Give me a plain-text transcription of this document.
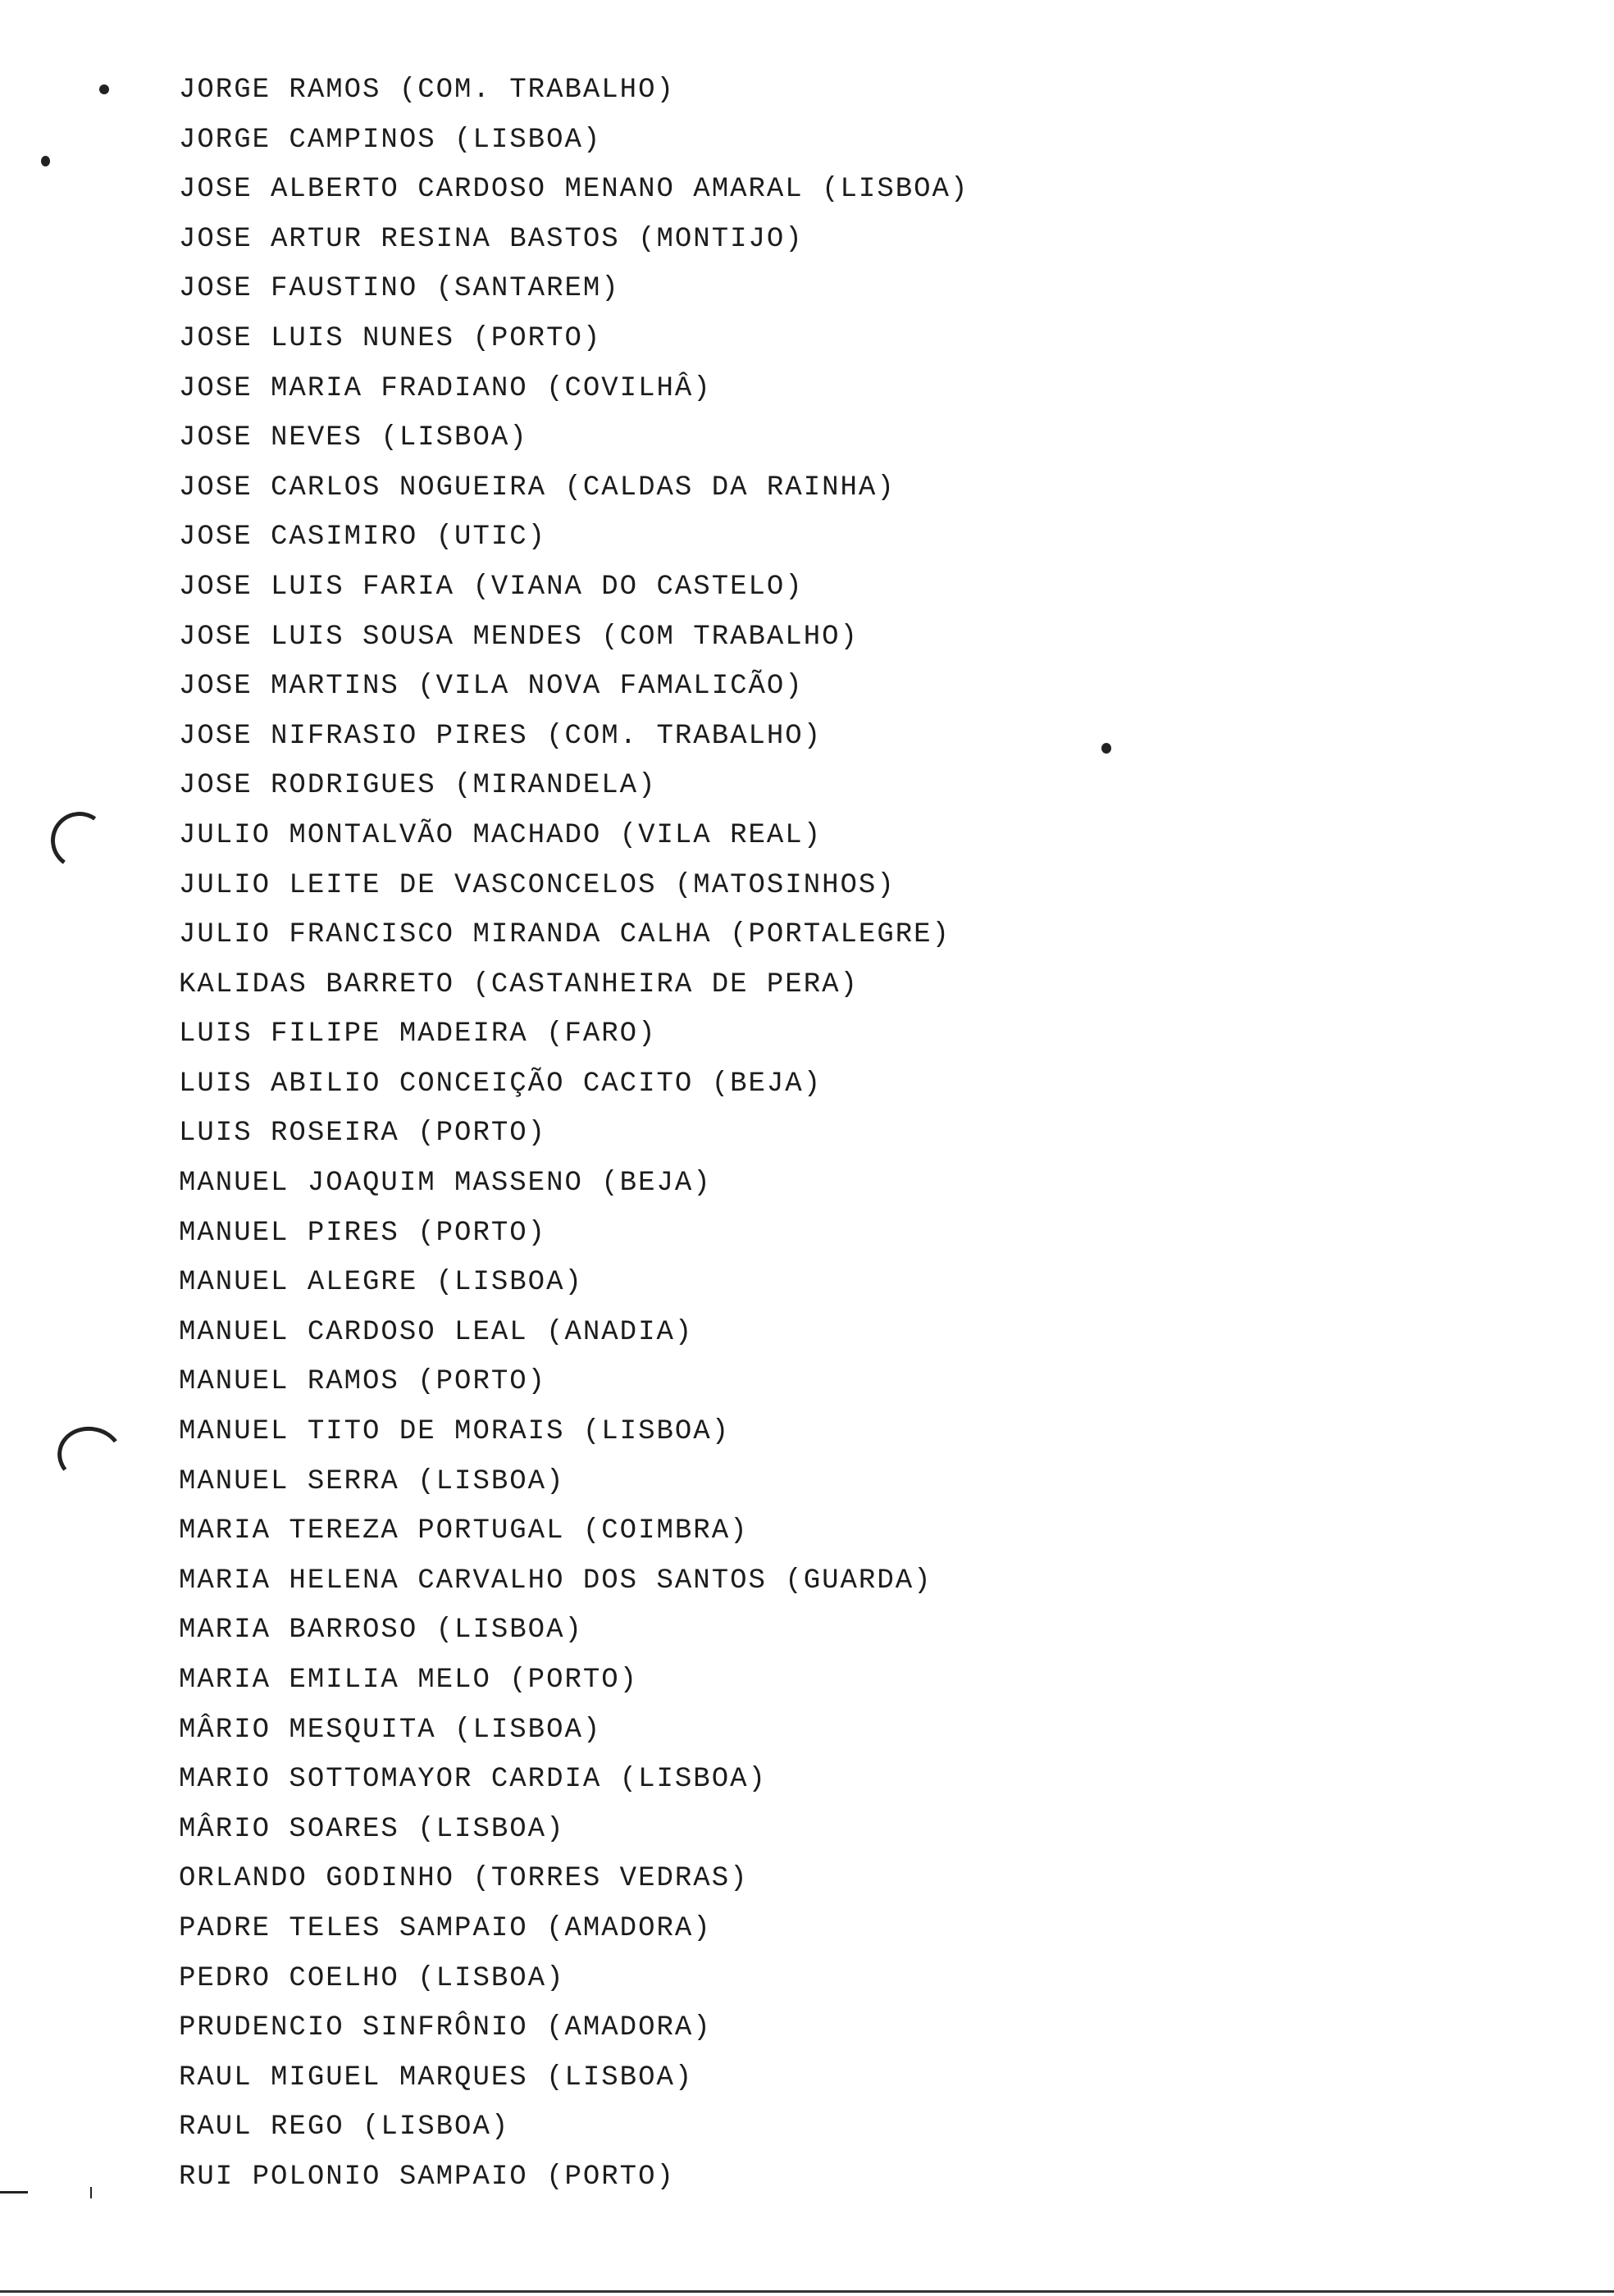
JORGE RAMOS (COM. TRABALHO)
JORGE CAMPINOS (LISBOA)
JOSE ALBERTO CARDOSO MENANO AMARAL (LISBOA)
JOSE ARTUR RESINA BASTOS (MONTIJO)
JOSE FAUSTINO (SANTAREM)
JOSE LUIS NUNES (PORTO)
JOSE MARIA FRADIANO (COVILHÂ)
JOSE NEVES (LISBOA)
JOSE CARLOS NOGUEIRA (CALDAS DA RAINHA)
JOSE CASIMIRO (UTIC)
JOSE LUIS FARIA (VIANA DO CASTELO)
JOSE LUIS SOUSA MENDES (COM TRABALHO)
JOSE MARTINS (VILA NOVA FAMALICÃO)
JOSE NIFRASIO PIRES (COM. TRABALHO)
JOSE RODRIGUES (MIRANDELA)
JULIO MONTALVÃO MACHADO (VILA REAL)
JULIO LEITE DE VASCONCELOS (MATOSINHOS)
JULIO FRANCISCO MIRANDA CALHA (PORTALEGRE)
KALIDAS BARRETO (CASTANHEIRA DE PERA)
LUIS FILIPE MADEIRA (FARO)
LUIS ABILIO CONCEIÇÃO CACITO (BEJA)
LUIS ROSEIRA (PORTO)
MANUEL JOAQUIM MASSENO (BEJA)
MANUEL PIRES (PORTO)
MANUEL ALEGRE (LISBOA)
MANUEL CARDOSO LEAL (ANADIA)
MANUEL RAMOS (PORTO)
MANUEL TITO DE MORAIS (LISBOA)
MANUEL SERRA (LISBOA)
MARIA TEREZA PORTUGAL (COIMBRA)
MARIA HELENA CARVALHO DOS SANTOS (GUARDA)
MARIA BARROSO (LISBOA)
MARIA EMILIA MELO (PORTO)
MÂRIO MESQUITA (LISBOA)
MARIO SOTTOMAYOR CARDIA (LISBOA)
MÂRIO SOARES (LISBOA)
ORLANDO GODINHO (TORRES VEDRAS)
PADRE TELES SAMPAIO (AMADORA)
PEDRO COELHO (LISBOA)
PRUDENCIO SINFRÔNIO (AMADORA)
RAUL MIGUEL MARQUES (LISBOA)
RAUL REGO (LISBOA)
RUI POLONIO SAMPAIO (PORTO)
